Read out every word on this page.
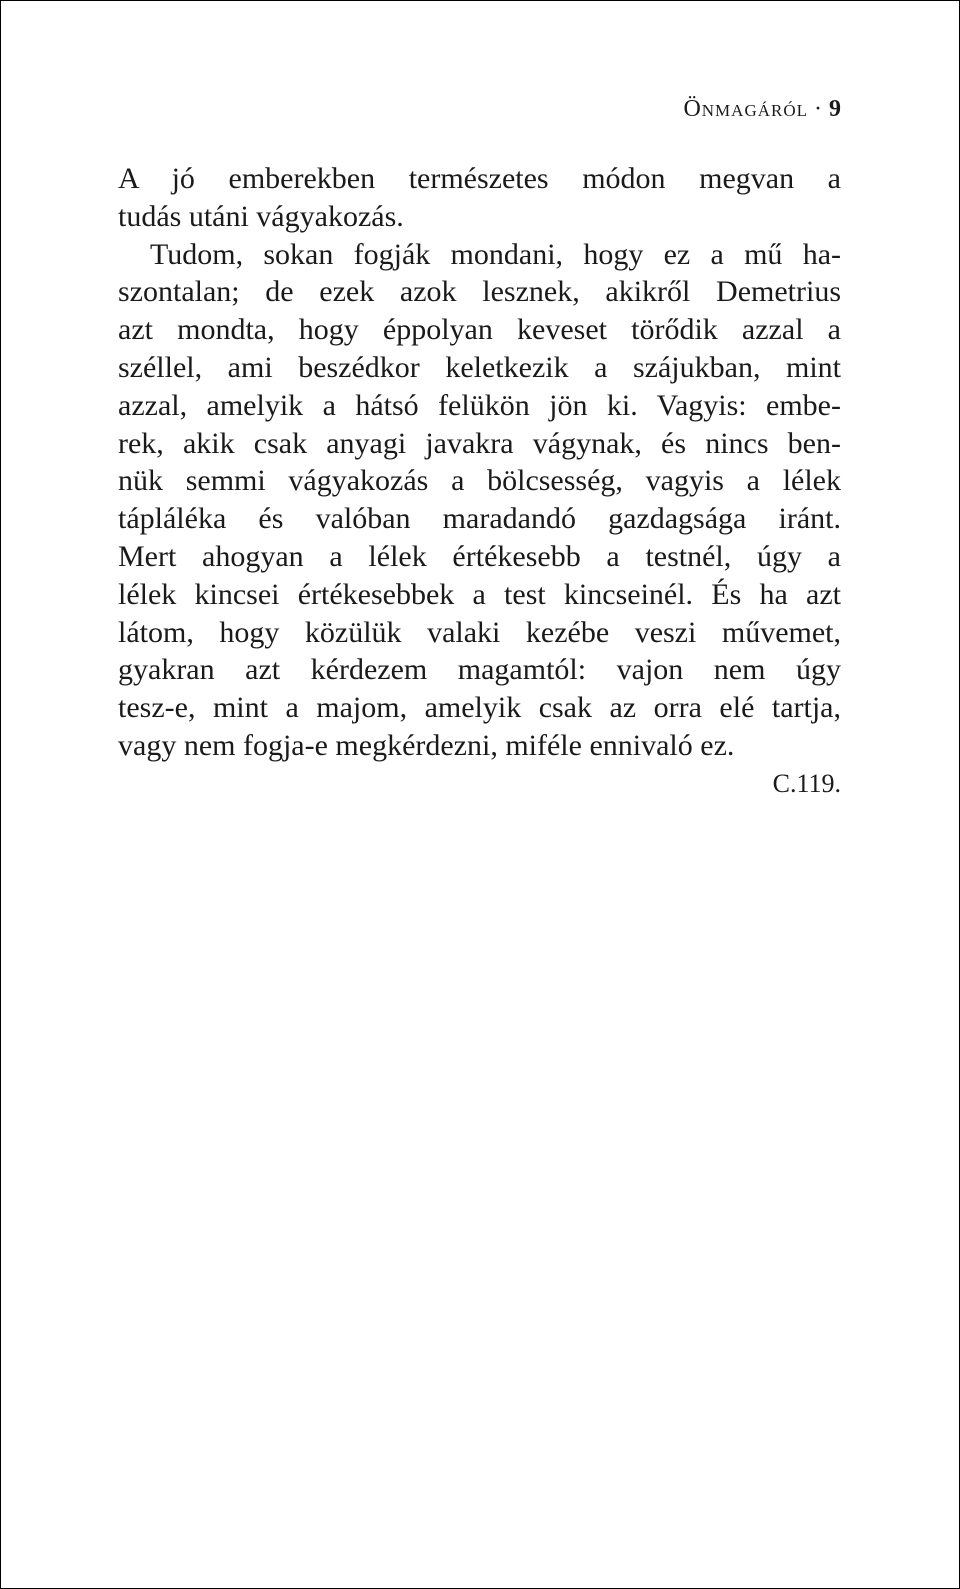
Önmagáról · 9
A jó emberekben természetes módon megvan a
tudás utáni vágyakozás.
Tudom, sokan fogják mondani, hogy ez a mű ha-
szontalan; de ezek azok lesznek, akikről Demetrius
azt mondta, hogy éppolyan keveset törődik azzal a
széllel, ami beszédkor keletkezik a szájukban, mint
azzal, amelyik a hátsó felükön jön ki. Vagyis: embe-
rek, akik csak anyagi javakra vágynak, és nincs ben-
nük semmi vágyakozás a bölcsesség, vagyis a lélek
tápláléka és valóban maradandó gazdagsága iránt.
Mert ahogyan a lélek értékesebb a testnél, úgy a
lélek kincsei értékesebbek a test kincseinél. És ha azt
látom, hogy közülük valaki kezébe veszi művemet,
gyakran azt kérdezem magamtól: vajon nem úgy
tesz-e, mint a majom, amelyik csak az orra elé tartja,
vagy nem fogja-e megkérdezni, miféle ennivaló ez.
C.119.
